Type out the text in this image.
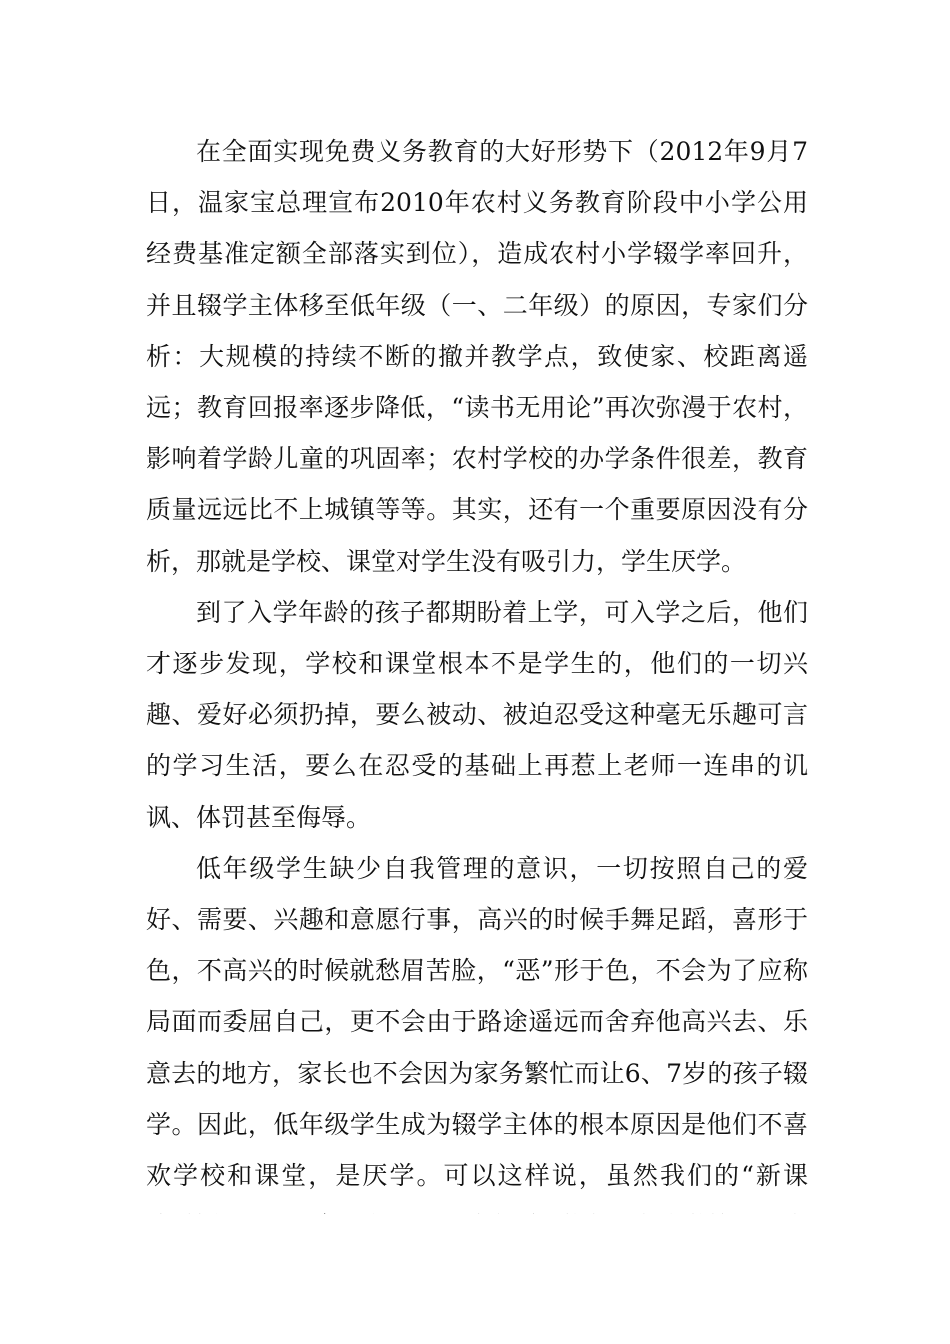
在全面实现免费义务教育的大好形势下（2012年9月7日，温家宝总理宣布2010年农村义务教育阶段中小学公用经费基准定额全部落实到位），造成农村小学辍学率回升，并且辍学主体移至低年级（一、二年级）的原因，专家们分析：大规模的持续不断的撤并教学点，致使家、校距离遥远；教育回报率逐步降低，“读书无用论”再次弥漫于农村，影响着学龄儿童的巩固率；农村学校的办学条件很差，教育质量远远比不上城镇等等。其实，还有一个重要原因没有分析，那就是学校、课堂对学生没有吸引力，学生厌学。

到了入学年龄的孩子都期盼着上学，可入学之后，他们才逐步发现，学校和课堂根本不是学生的，他们的一切兴趣、爱好必须扔掉，要么被动、被迫忍受这种毫无乐趣可言的学习生活，要么在忍受的基础上再惹上老师一连串的讥讽、体罚甚至侮辱。

低年级学生缺少自我管理的意识，一切按照自己的爱好、需要、兴趣和意愿行事，高兴的时候手舞足蹈，喜形于色，不高兴的时候就愁眉苦脸，“恶”形于色，不会为了应称局面而委屈自己，更不会由于路途遥远而舍弃他高兴去、乐意去的地方，家长也不会因为家务繁忙而让6、7岁的孩子辍学。因此，低年级学生成为辍学主体的根本原因是他们不喜欢学校和课堂，是厌学。可以这样说，虽然我们的“新课
